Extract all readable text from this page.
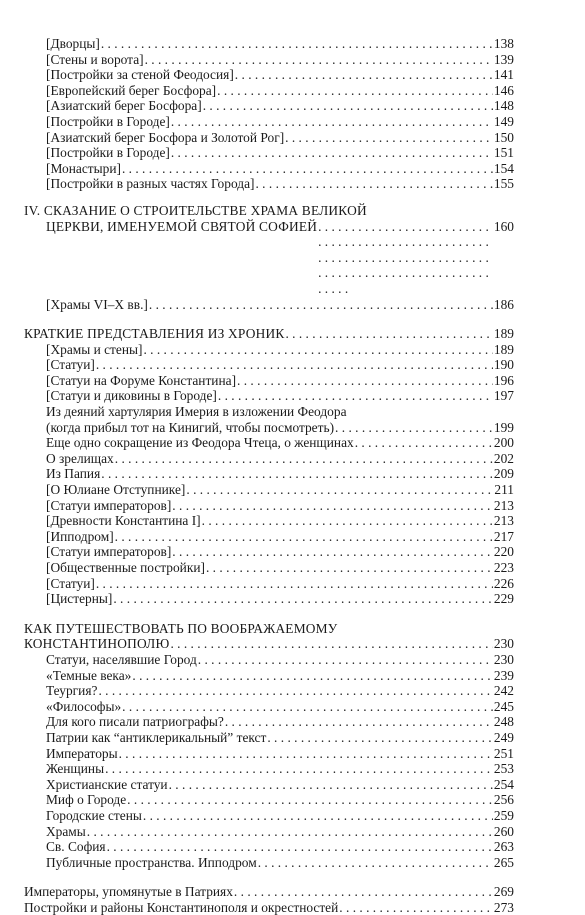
[Дворцы] . . .	138
[Стены и ворота] . . .	139
[Постройки за стеной Феодосия] . . .	141
[Европейский берег Босфора] . . .	146
[Азиатский берег Босфора] . . .	148
[Постройки в Городе] . . .	149
[Азиатский берег Босфора и Золотой Рог] . . .	150
[Постройки в Городе] . . .	151
[Монастыри] . . .	154
[Постройки в разных частях Города] . . .	155
IV. СКАЗАНИЕ О СТРОИТЕЛЬСТВЕ ХРАМА ВЕЛИКОЙ
ЦЕРКВИ, ИМЕНУЕМОЙ СВЯТОЙ СОФИЕЙ . . .	160
[Храмы VI–X вв.] . . .	186
КРАТКИЕ ПРЕДСТАВЛЕНИЯ ИЗ ХРОНИК . . .	189
[Храмы и стены] . . .	189
[Статуи] . . .	190
[Статуи на Форуме Константина] . . .	196
[Статуи и диковины в Городе] . . .	197
Из деяний хартулярия Имерия в изложении Феодора
(когда прибыл тот на Кинигий, чтобы посмотреть) . . .	199
Еще одно сокращение из Феодора Чтеца, о женщинах . . .	200
О зрелищах . . .	202
Из Папия . . .	209
[О Юлиане Отступнике] . . .	211
[Статуи императоров] . . .	213
[Древности Константина I] . . .	213
[Ипподром] . . .	217
[Статуи императоров] . . .	220
[Общественные постройки] . . .	223
[Статуи] . . .	226
[Цистерны] . . .	229
КАК ПУТЕШЕСТВОВАТЬ ПО ВООБРАЖАЕМОМУ
КОНСТАНТИНОПОЛЮ . . .	230
Статуи, населявшие Город . . .	230
«Темные века» . . .	239
Теургия? . . .	242
«Философы» . . .	245
Для кого писали патриографы? . . .	248
Патрии как “антиклерикальный” текст . . .	249
Императоры . . .	251
Женщины . . .	253
Христианские статуи . . .	254
Миф о Городе . . .	256
Городские стены . . .	259
Храмы . . .	260
Св. София . . .	263
Публичные пространства. Ипподром . . .	265
Императоры, упомянутые в Патриях . . .	269
Постройки и районы Константинополя и окрестностей . . .	273
